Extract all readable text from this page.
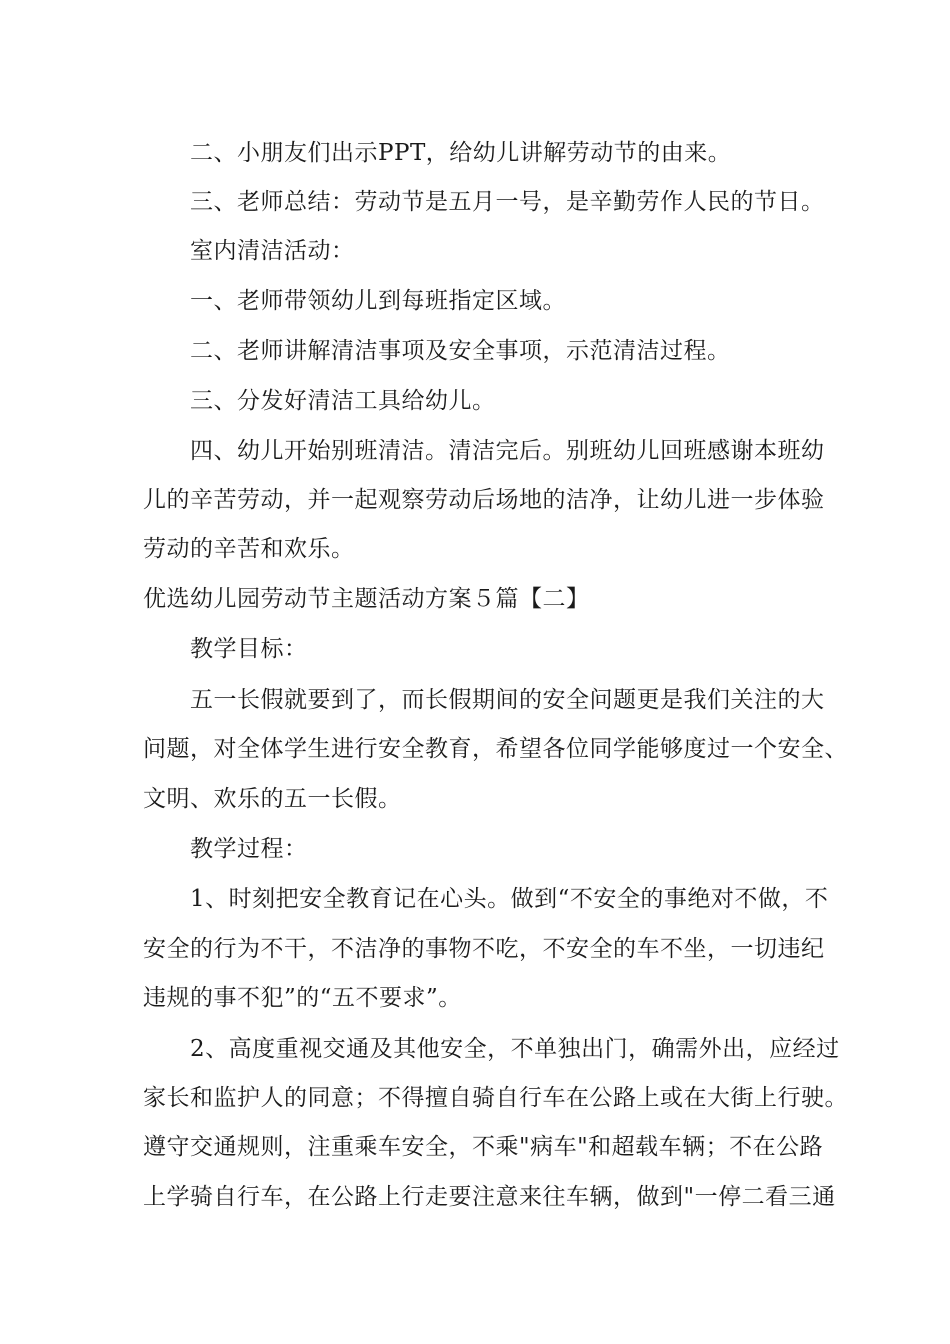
二、小朋友们出示PPT，给幼儿讲解劳动节的由来。
三、老师总结：劳动节是五月一号，是辛勤劳作人民的节日。
室内清洁活动：
一、老师带领幼儿到每班指定区域。
二、老师讲解清洁事项及安全事项，示范清洁过程。
三、分发好清洁工具给幼儿。
四、幼儿开始别班清洁。清洁完后。别班幼儿回班感谢本班幼
儿的辛苦劳动，并一起观察劳动后场地的洁净，让幼儿进一步体验
劳动的辛苦和欢乐。
优选幼儿园劳动节主题活动方案５篇【二】
教学目标：
五一长假就要到了，而长假期间的安全问题更是我们关注的大
问题，对全体学生进行安全教育，希望各位同学能够度过一个安全、
文明、欢乐的五一长假。
教学过程：
1、时刻把安全教育记在心头。做到“不安全的事绝对不做，不
安全的行为不干，不洁净的事物不吃，不安全的车不坐，一切违纪
违规的事不犯”的“五不要求”。
2、高度重视交通及其他安全，不单独出门，确需外出，应经过
家长和监护人的同意；不得擅自骑自行车在公路上或在大街上行驶。
遵守交通规则，注重乘车安全，不乘"病车"和超载车辆；不在公路
上学骑自行车，在公路上行走要注意来往车辆，做到"一停二看三通
